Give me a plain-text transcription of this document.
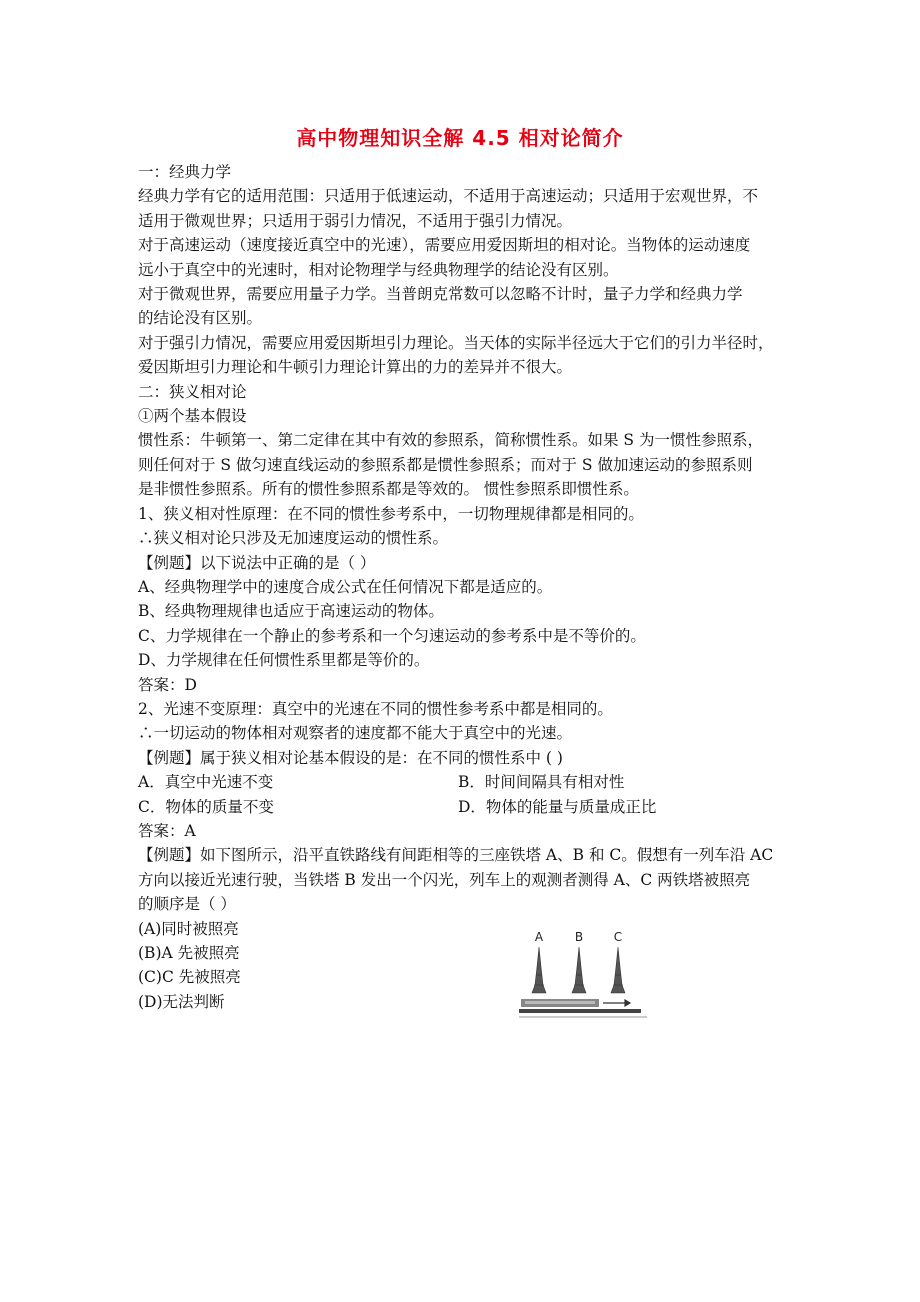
高中物理知识全解 4.5 相对论简介

一：经典力学

经典力学有它的适用范围：只适用于低速运动，不适用于高速运动；只适用于宏观世界，不

适用于微观世界；只适用于弱引力情况，不适用于强引力情况。

对于高速运动（速度接近真空中的光速），需要应用爱因斯坦的相对论。当物体的运动速度

远小于真空中的光速时，相对论物理学与经典物理学的结论没有区别。

对于微观世界，需要应用量子力学。当普朗克常数可以忽略不计时，量子力学和经典力学

的结论没有区别。

对于强引力情况，需要应用爱因斯坦引力理论。当天体的实际半径远大于它们的引力半径时，

爱因斯坦引力理论和牛顿引力理论计算出的力的差异并不很大。

二：狭义相对论

①两个基本假设

惯性系：牛顿第一、第二定律在其中有效的参照系，简称惯性系。如果 S 为一惯性参照系，

则任何对于 S 做匀速直线运动的参照系都是惯性参照系；而对于 S 做加速运动的参照系则

是非惯性参照系。所有的惯性参照系都是等效的。 惯性参照系即惯性系。

1、狭义相对性原理：在不同的惯性参考系中，一切物理规律都是相同的。

∴狭义相对论只涉及无加速度运动的惯性系。

【例题】以下说法中正确的是（ ）

A、经典物理学中的速度合成公式在任何情况下都是适应的。

B、经典物理规律也适应于高速运动的物体。

C、力学规律在一个静止的参考系和一个匀速运动的参考系中是不等价的。

D、力学规律在任何惯性系里都是等价的。

答案：D

2、光速不变原理：真空中的光速在不同的惯性参考系中都是相同的。

∴一切运动的物体相对观察者的速度都不能大于真空中的光速。

【例题】属于狭义相对论基本假设的是：在不同的惯性系中 ( )

A．真空中光速不变	B．时间间隔具有相对性

C．物体的质量不变	D．物体的能量与质量成正比

答案：A

【例题】如下图所示，沿平直铁路线有间距相等的三座铁塔 A、B 和 C。假想有一列车沿 AC

方向以接近光速行驶，当铁塔 B 发出一个闪光，列车上的观测者测得 A、C 两铁塔被照亮

的顺序是（ ）

(A)同时被照亮

(B)A 先被照亮

(C)C 先被照亮

(D)无法判断

A	B	C
